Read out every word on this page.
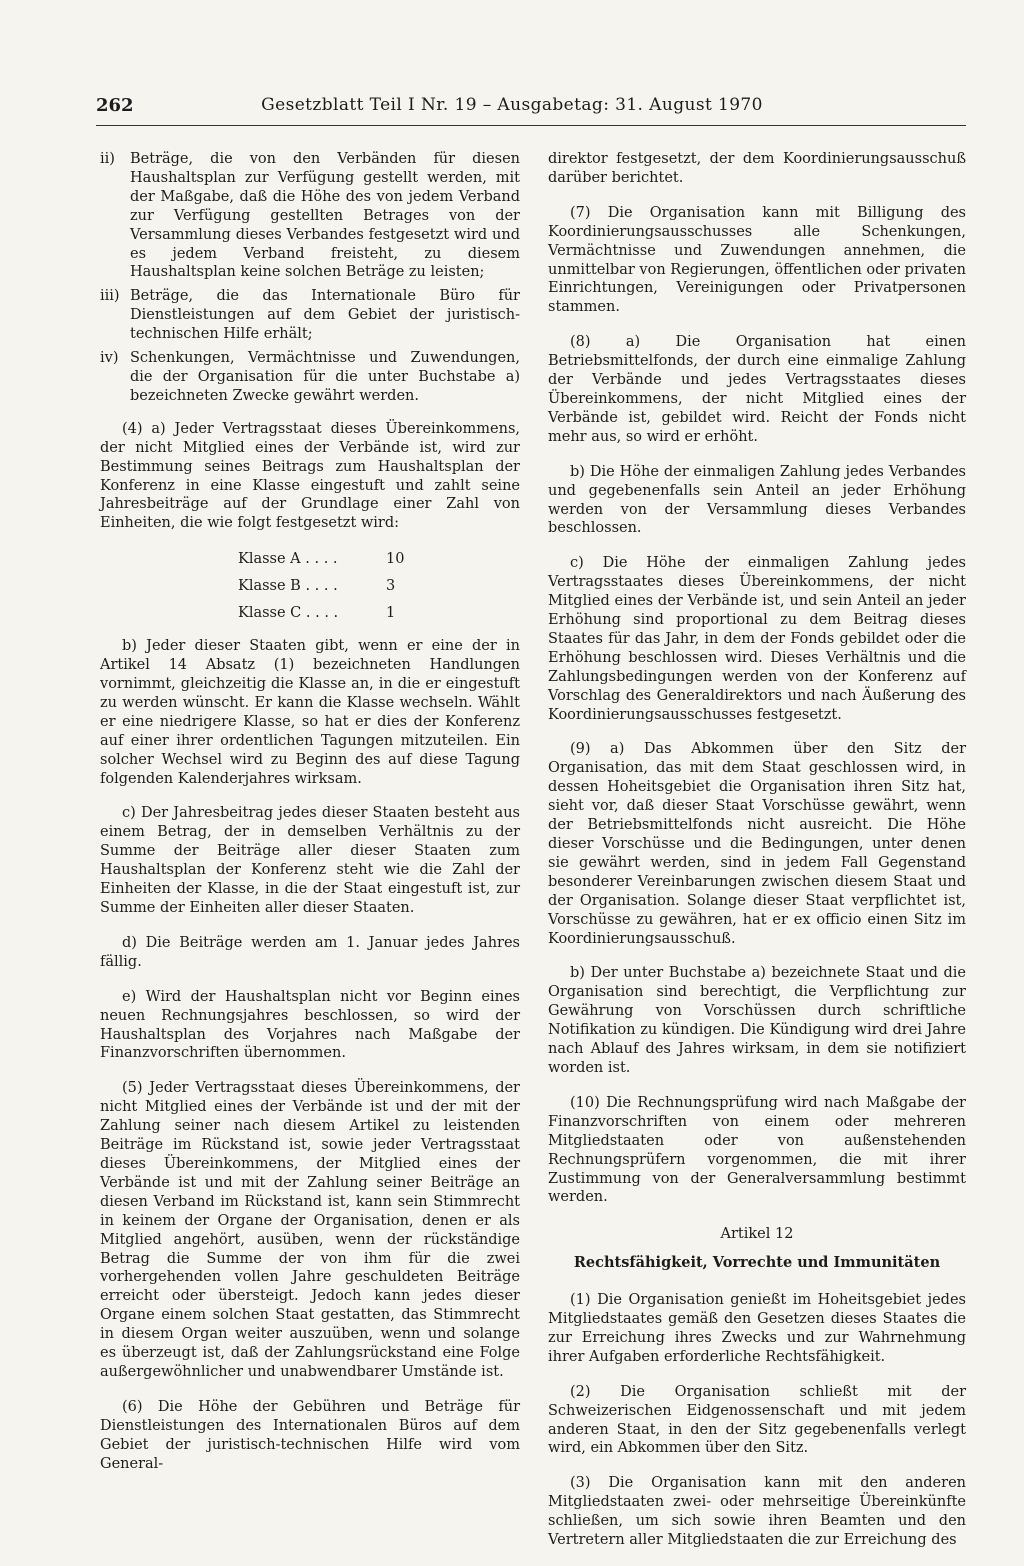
262	Gesetzblatt Teil I Nr. 19 – Ausgabetag: 31. August 1970
ii)	Beträge, die von den Verbänden für diesen Haushaltsplan zur Verfügung gestellt werden, mit der Maßgabe, daß die Höhe des von jedem Verband zur Verfügung gestellten Betrages von der Versammlung dieses Verbandes festgesetzt wird und es jedem Verband freisteht, zu diesem Haushaltsplan keine solchen Beträge zu leisten;
iii) Beträge, die das Internationale Büro für Dienstleistungen auf dem Gebiet der juristisch-technischen Hilfe erhält;
iv) Schenkungen, Vermächtnisse und Zuwendungen, die der Organisation für die unter Buchstabe a) bezeichneten Zwecke gewährt werden.

(4) a) Jeder Vertragsstaat dieses Übereinkommens, der nicht Mitglied eines der Verbände ist, wird zur Bestimmung seines Beitrags zum Haushaltsplan der Konferenz in eine Klasse eingestuft und zahlt seine Jahresbeiträge auf der Grundlage einer Zahl von Einheiten, die wie folgt festgesetzt wird:

Klasse A . . . .	10
Klasse B . . . .	3
Klasse C . . . .	1

b) Jeder dieser Staaten gibt, wenn er eine der in Artikel 14 Absatz (1) bezeichneten Handlungen vornimmt, gleichzeitig die Klasse an, in die er eingestuft zu werden wünscht. Er kann die Klasse wechseln. Wählt er eine niedrigere Klasse, so hat er dies der Konferenz auf einer ihrer ordentlichen Tagungen mitzuteilen. Ein solcher Wechsel wird zu Beginn des auf diese Tagung folgenden Kalenderjahres wirksam.

c) Der Jahresbeitrag jedes dieser Staaten besteht aus einem Betrag, der in demselben Verhältnis zu der Summe der Beiträge aller dieser Staaten zum Haushaltsplan der Konferenz steht wie die Zahl der Einheiten der Klasse, in die der Staat eingestuft ist, zur Summe der Einheiten aller dieser Staaten.

d) Die Beiträge werden am 1. Januar jedes Jahres fällig.

e) Wird der Haushaltsplan nicht vor Beginn eines neuen Rechnungsjahres beschlossen, so wird der Haushaltsplan des Vorjahres nach Maßgabe der Finanzvorschriften übernommen.

(5) Jeder Vertragsstaat dieses Übereinkommens, der nicht Mitglied eines der Verbände ist und der mit der Zahlung seiner nach diesem Artikel zu leistenden Beiträge im Rückstand ist, sowie jeder Vertragsstaat dieses Übereinkommens, der Mitglied eines der Verbände ist und mit der Zahlung seiner Beiträge an diesen Verband im Rückstand ist, kann sein Stimmrecht in keinem der Organe der Organisation, denen er als Mitglied angehört, ausüben, wenn der rückständige Betrag die Summe der von ihm für die zwei vorhergehenden vollen Jahre geschuldeten Beiträge erreicht oder übersteigt. Jedoch kann jedes dieser Organe einem solchen Staat gestatten, das Stimmrecht in diesem Organ weiter auszuüben, wenn und solange es überzeugt ist, daß der Zahlungsrückstand eine Folge außergewöhnlicher und unabwendbarer Umstände ist.

(6) Die Höhe der Gebühren und Beträge für Dienstleistungen des Internationalen Büros auf dem Gebiet der juristisch-technischen Hilfe wird vom General-

direktor festgesetzt, der dem Koordinierungsausschuß darüber berichtet.

(7) Die Organisation kann mit Billigung des Koordinierungsausschusses alle Schenkungen, Vermächtnisse und Zuwendungen annehmen, die unmittelbar von Regierungen, öffentlichen oder privaten Einrichtungen, Vereinigungen oder Privatpersonen stammen.

(8) a) Die Organisation hat einen Betriebsmittelfonds, der durch eine einmalige Zahlung der Verbände und jedes Vertragsstaates dieses Übereinkommens, der nicht Mitglied eines der Verbände ist, gebildet wird. Reicht der Fonds nicht mehr aus, so wird er erhöht.

b) Die Höhe der einmaligen Zahlung jedes Verbandes und gegebenenfalls sein Anteil an jeder Erhöhung werden von der Versammlung dieses Verbandes beschlossen.

c) Die Höhe der einmaligen Zahlung jedes Vertragsstaates dieses Übereinkommens, der nicht Mitglied eines der Verbände ist, und sein Anteil an jeder Erhöhung sind proportional zu dem Beitrag dieses Staates für das Jahr, in dem der Fonds gebildet oder die Erhöhung beschlossen wird. Dieses Verhältnis und die Zahlungsbedingungen werden von der Konferenz auf Vorschlag des Generaldirektors und nach Äußerung des Koordinierungsausschusses festgesetzt.

(9) a) Das Abkommen über den Sitz der Organisation, das mit dem Staat geschlossen wird, in dessen Hoheitsgebiet die Organisation ihren Sitz hat, sieht vor, daß dieser Staat Vorschüsse gewährt, wenn der Betriebsmittelfonds nicht ausreicht. Die Höhe dieser Vorschüsse und die Bedingungen, unter denen sie gewährt werden, sind in jedem Fall Gegenstand besonderer Vereinbarungen zwischen diesem Staat und der Organisation. Solange dieser Staat verpflichtet ist, Vorschüsse zu gewähren, hat er ex officio einen Sitz im Koordinierungsausschuß.

b) Der unter Buchstabe a) bezeichnete Staat und die Organisation sind berechtigt, die Verpflichtung zur Gewährung von Vorschüssen durch schriftliche Notifikation zu kündigen. Die Kündigung wird drei Jahre nach Ablauf des Jahres wirksam, in dem sie notifiziert worden ist.

(10) Die Rechnungsprüfung wird nach Maßgabe der Finanzvorschriften von einem oder mehreren Mitgliedstaaten oder von außenstehenden Rechnungsprüfern vorgenommen, die mit ihrer Zustimmung von der Generalversammlung bestimmt werden.

Artikel 12
Rechtsfähigkeit, Vorrechte und Immunitäten

(1) Die Organisation genießt im Hoheitsgebiet jedes Mitgliedstaates gemäß den Gesetzen dieses Staates die zur Erreichung ihres Zwecks und zur Wahrnehmung ihrer Aufgaben erforderliche Rechtsfähigkeit.

(2) Die Organisation schließt mit der Schweizerischen Eidgenossenschaft und mit jedem anderen Staat, in den der Sitz gegebenenfalls verlegt wird, ein Abkommen über den Sitz.

(3) Die Organisation kann mit den anderen Mitgliedstaaten zwei- oder mehrseitige Übereinkünfte schließen, um sich sowie ihren Beamten und den Vertretern aller Mitgliedstaaten die zur Erreichung des
